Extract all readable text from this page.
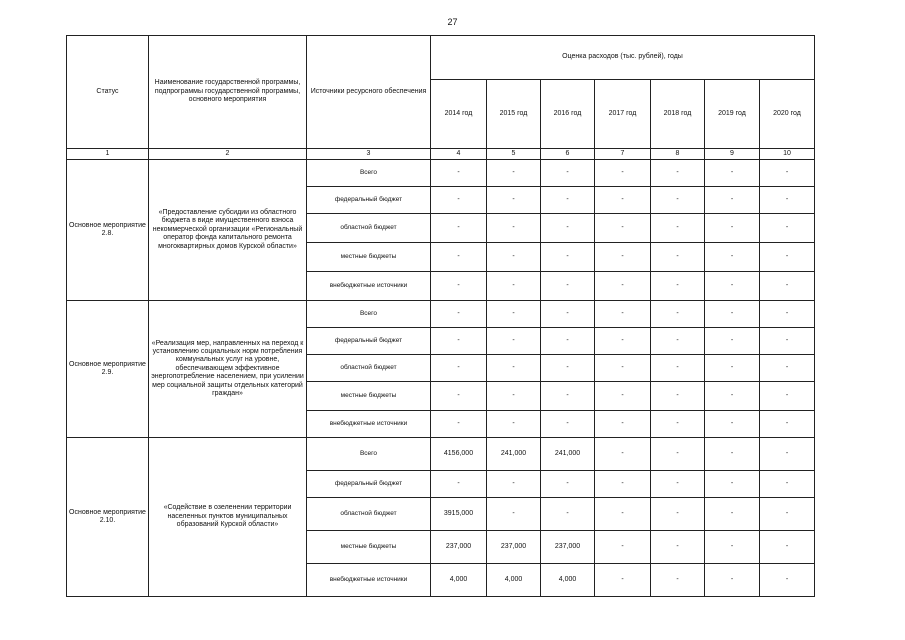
27
Статус	Наименование государственной программы, подпрограммы государственной программы, основного мероприятия	Источники ресурсного обеспечения	Оценка расходов (тыс. рублей), годы						
			2014 год	2015 год	2016 год	2017 год	2018 год	2019 год	2020 год
1	2	3	4	5	6	7	8	9	10
Основное мероприятие 2.8.	«Предоставление субсидии из областного бюджета в виде имущественного взноса некоммерческой организации «Региональный оператор фонда капитального ремонта многоквартирных домов Курской области»	Всего	-	-	-	-	-	-	-
		федеральный бюджет	-	-	-	-	-	-	-
		областной бюджет	-	-	-	-	-	-	-
		местные бюджеты	-	-	-	-	-	-	-
		внебюджетные источники	-	-	-	-	-	-	-
Основное мероприятие 2.9.	«Реализация мер, направленных на переход к установлению социальных норм потребления коммунальных услуг на уровне, обеспечивающем эффективное энергопотребление населением, при усилении мер социальной защиты отдельных категорий граждан»	Всего	-	-	-	-	-	-	-
		федеральный бюджет	-	-	-	-	-	-	-
		областной бюджет	-	-	-	-	-	-	-
		местные бюджеты	-	-	-	-	-	-	-
		внебюджетные источники	-	-	-	-	-	-	-
Основное мероприятие 2.10.	«Содействие в озеленении территории населенных пунктов муниципальных образований Курской области»	Всего	4156,000	241,000	241,000	-	-	-	-
		федеральный бюджет	-	-	-	-	-	-	-
		областной бюджет	3915,000	-	-	-	-	-	-
		местные бюджеты	237,000	237,000	237,000	-	-	-	-
		внебюджетные источники	4,000	4,000	4,000	-	-	-	-
